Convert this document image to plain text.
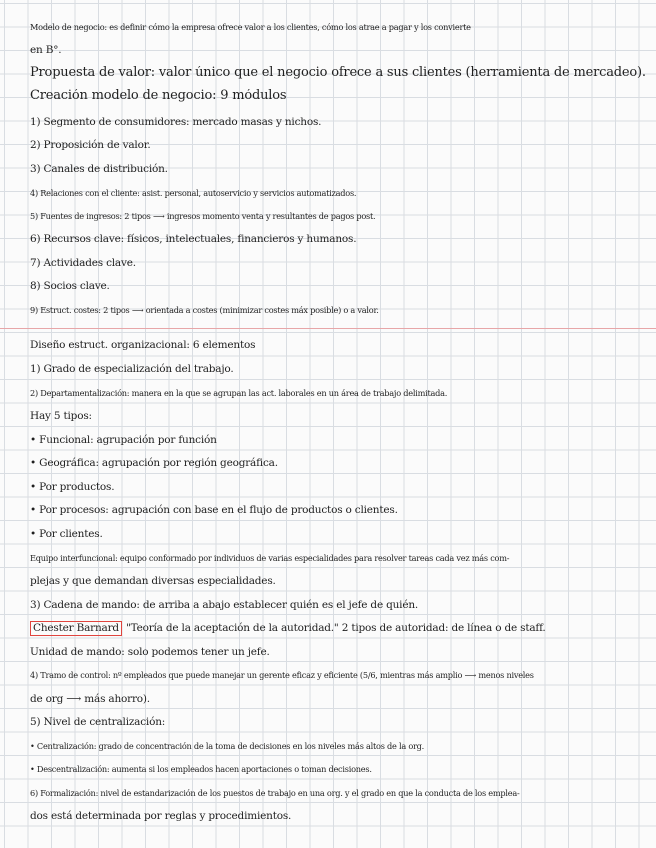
Modelo de negocio: es definir cómo la empresa ofrece valor a los clientes, cómo los atrae a pagar y los convierte
en B°.
Propuesta de valor: valor único que el negocio ofrece a sus clientes (herramienta de mercadeo).
Creación modelo de negocio: 9 módulos
1) Segmento de consumidores: mercado masas y nichos.
2) Proposición de valor.
3) Canales de distribución.
4) Relaciones con el cliente: asist. personal, autoservicio y servicios automatizados.
5) Fuentes de ingresos: 2 tipos ⟶ ingresos momento venta y resultantes de pagos post.
6) Recursos clave: físicos, intelectuales, financieros y humanos.
7) Actividades clave.
8) Socios clave.
9) Estruct. costes: 2 tipos ⟶ orientada a costes (minimizar costes máx posible) o a valor.
Diseño estruct. organizacional: 6 elementos
1) Grado de especialización del trabajo.
2) Departamentalización: manera en la que se agrupan las act. laborales en un área de trabajo delimitada.
Hay 5 tipos:
• Funcional: agrupación por función
• Geográfica: agrupación por región geográfica.
• Por productos.
• Por procesos: agrupación con base en el flujo de productos o clientes.
• Por clientes.
Equipo interfuncional: equipo conformado por individuos de varias especialidades para resolver tareas cada vez más com-
plejas y que demandan diversas especialidades.
3) Cadena de mando: de arriba a abajo establecer quién es el jefe de quién.
Chester Barnard "Teoría de la aceptación de la autoridad." 2 tipos de autoridad: de línea o de staff.
Unidad de mando: solo podemos tener un jefe.
4) Tramo de control: nº empleados que puede manejar un gerente eficaz y eficiente (5/6, mientras más amplio ⟶ menos niveles
de org ⟶ más ahorro).
5) Nivel de centralización:
• Centralización: grado de concentración de la toma de decisiones en los niveles más altos de la org.
• Descentralización: aumenta si los empleados hacen aportaciones o toman decisiones.
6) Formalización: nivel de estandarización de los puestos de trabajo en una org. y el grado en que la conducta de los emplea-
dos está determinada por reglas y procedimientos.
